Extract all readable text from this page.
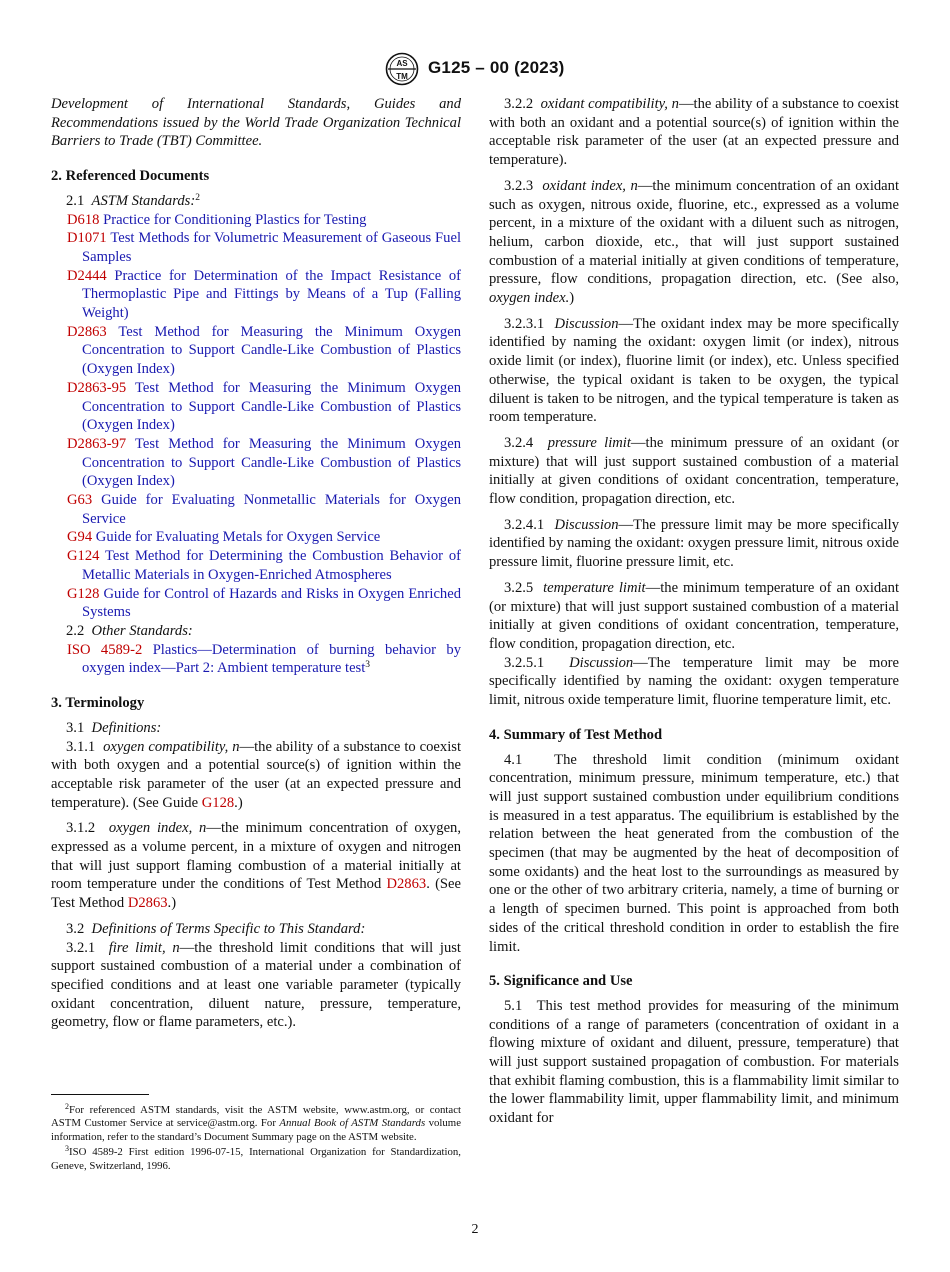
AS
TM G125 – 00 (2023)

Development of International Standards, Guides and Recommendations issued by the World Trade Organization Technical Barriers to Trade (TBT) Committee.

2. Referenced Documents

2.1 ASTM Standards:$^2$

D618 Practice for Conditioning Plastics for Testing

D1071 Test Methods for Volumetric Measurement of Gaseous Fuel Samples

D2444 Practice for Determination of the Impact Resistance of Thermoplastic Pipe and Fittings by Means of a Tup (Falling Weight)

D2863 Test Method for Measuring the Minimum Oxygen Concentration to Support Candle-Like Combustion of Plastics (Oxygen Index)

D2863-95 Test Method for Measuring the Minimum Oxygen Concentration to Support Candle-Like Combustion of Plastics (Oxygen Index)

D2863-97 Test Method for Measuring the Minimum Oxygen Concentration to Support Candle-Like Combustion of Plastics (Oxygen Index)

G63 Guide for Evaluating Nonmetallic Materials for Oxygen Service

G94 Guide for Evaluating Metals for Oxygen Service

G124 Test Method for Determining the Combustion Behavior of Metallic Materials in Oxygen-Enriched Atmospheres

G128 Guide for Control of Hazards and Risks in Oxygen Enriched Systems

2.2 Other Standards:

ISO 4589-2 Plastics—Determination of burning behavior by oxygen index—Part 2: Ambient temperature test$^3$

3. Terminology

3.1 Definitions:

3.1.1 oxygen compatibility, n—the ability of a substance to coexist with both oxygen and a potential source(s) of ignition within the acceptable risk parameter of the user (at an expected pressure and temperature). (See Guide G128.)

3.1.2 oxygen index, n—the minimum concentration of oxygen, expressed as a volume percent, in a mixture of oxygen and nitrogen that will just support flaming combustion of a material initially at room temperature under the conditions of Test Method D2863. (See Test Method D2863.)

3.2 Definitions of Terms Specific to This Standard:

3.2.1 fire limit, n—the threshold limit conditions that will just support sustained combustion of a material under a combination of specified conditions and at least one variable parameter (typically oxidant concentration, diluent nature, pressure, temperature, geometry, flow or flame parameters, etc.).

$^2$For referenced ASTM standards, visit the ASTM website, www.astm.org, or contact ASTM Customer Service at service@astm.org. For Annual Book of ASTM Standards volume information, refer to the standard’s Document Summary page on the ASTM website.

$^3$ISO 4589-2 First edition 1996-07-15, International Organization for Standardization, Geneve, Switzerland, 1996.

3.2.2 oxidant compatibility, n—the ability of a substance to coexist with both an oxidant and a potential source(s) of ignition within the acceptable risk parameter of the user (at an expected pressure and temperature).

3.2.3 oxidant index, n—the minimum concentration of an oxidant such as oxygen, nitrous oxide, fluorine, etc., expressed as a volume percent, in a mixture of the oxidant with a diluent such as nitrogen, helium, carbon dioxide, etc., that will just support sustained combustion of a material initially at given conditions of temperature, pressure, flow conditions, propagation direction, etc. (See also, oxygen index.)

3.2.3.1 Discussion—The oxidant index may be more specifically identified by naming the oxidant: oxygen limit (or index), nitrous oxide limit (or index), fluorine limit (or index), etc. Unless specified otherwise, the typical oxidant is taken to be oxygen, the typical diluent is taken to be nitrogen, and the typical temperature is taken as room temperature.

3.2.4 pressure limit—the minimum pressure of an oxidant (or mixture) that will just support sustained combustion of a material initially at given conditions of oxidant concentration, temperature, flow condition, propagation direction, etc.

3.2.4.1 Discussion—The pressure limit may be more specifically identified by naming the oxidant: oxygen pressure limit, nitrous oxide pressure limit, fluorine pressure limit, etc.

3.2.5 temperature limit—the minimum temperature of an oxidant (or mixture) that will just support sustained combustion of a material initially at given conditions of oxidant concentration, temperature, flow condition, propagation direction, etc.

3.2.5.1 Discussion—The temperature limit may be more specifically identified by naming the oxidant: oxygen temperature limit, nitrous oxide temperature limit, fluorine temperature limit, etc.

4. Summary of Test Method

4.1 The threshold limit condition (minimum oxidant concentration, minimum pressure, minimum temperature, etc.) that will just support sustained combustion under equilibrium conditions is measured in a test apparatus. The equilibrium is established by the relation between the heat generated from the combustion of the specimen (that may be augmented by the heat of decomposition of some oxidants) and the heat lost to the surroundings as measured by one or the other of two arbitrary criteria, namely, a time of burning or a length of specimen burned. This point is approached from both sides of the critical threshold condition in order to establish the fire limit.

5. Significance and Use

5.1 This test method provides for measuring of the minimum conditions of a range of parameters (concentration of oxidant in a flowing mixture of oxidant and diluent, pressure, temperature) that will just support sustained propagation of combustion. For materials that exhibit flaming combustion, this is a flammability limit similar to the lower flammability limit, upper flammability limit, and minimum oxidant for

2
